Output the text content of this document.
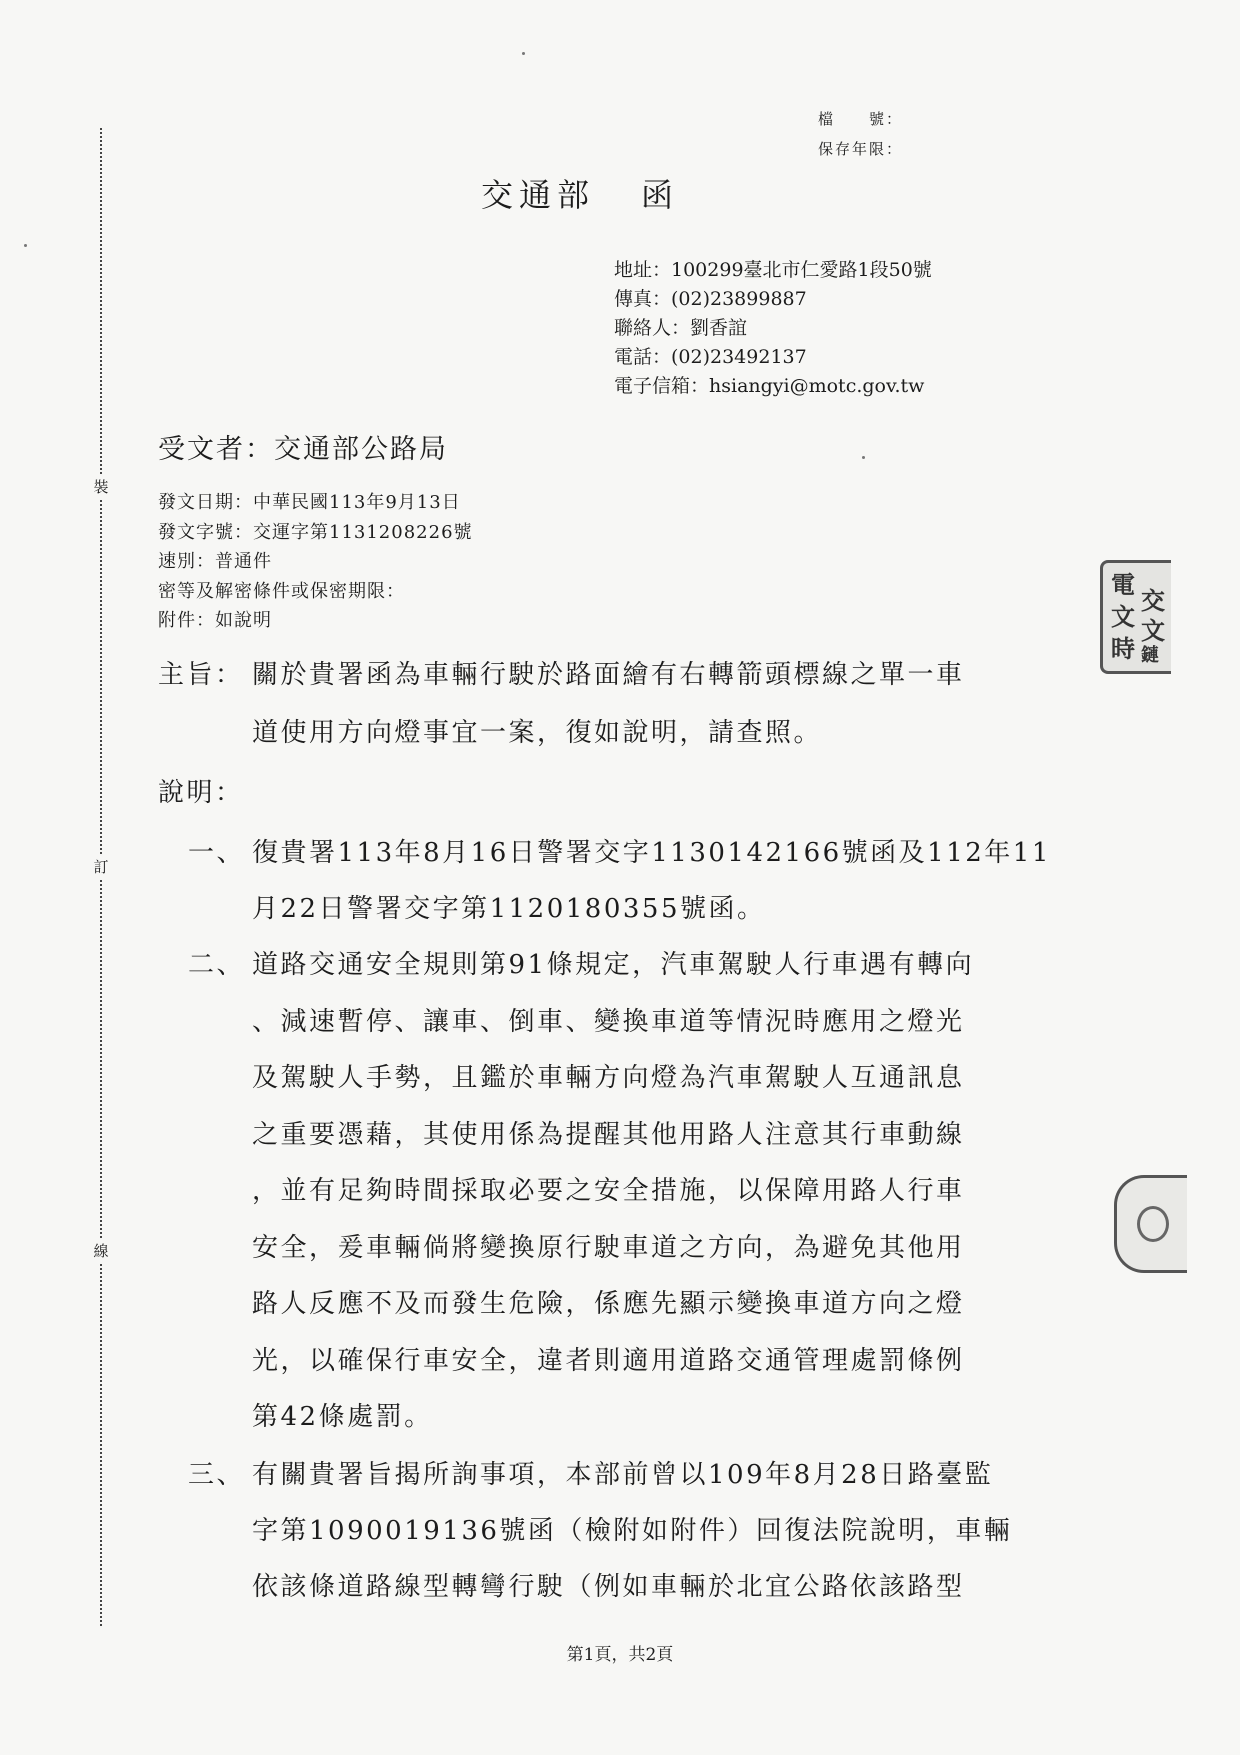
裝
訂
線
檔　　號：
保存年限：
交通部 函
地址：100299臺北市仁愛路1段50號
傳真：(02)23899887
聯絡人：劉香誼
電話：(02)23492137
電子信箱：hsiangyi@motc.gov.tw
受文者：交通部公路局
發文日期：中華民國113年9月13日
發文字號：交運字第1131208226號
速別：普通件
密等及解密條件或保密期限：
附件：如說明
主旨： 關於貴署函為車輛行駛於路面繪有右轉箭頭標線之單一車
道使用方向燈事宜一案，復如說明，請查照。
說明：
一、 復貴署113年8月16日警署交字1130142166號函及112年11
月22日警署交字第1120180355號函。
二、 道路交通安全規則第91條規定，汽車駕駛人行車遇有轉向
、減速暫停、讓車、倒車、變換車道等情況時應用之燈光
及駕駛人手勢，且鑑於車輛方向燈為汽車駕駛人互通訊息
之重要憑藉，其使用係為提醒其他用路人注意其行車動線
，並有足夠時間採取必要之安全措施，以保障用路人行車
安全，爰車輛倘將變換原行駛車道之方向，為避免其他用
路人反應不及而發生危險，係應先顯示變換車道方向之燈
光，以確保行車安全，違者則適用道路交通管理處罰條例
第42條處罰。
三、 有關貴署旨揭所詢事項，本部前曾以109年8月28日路臺監
字第1090019136號函（檢附如附件）回復法院說明，車輛
依該條道路線型轉彎行駛（例如車輛於北宜公路依該路型
第1頁，共2頁
電
文
時
交
文
鏈
